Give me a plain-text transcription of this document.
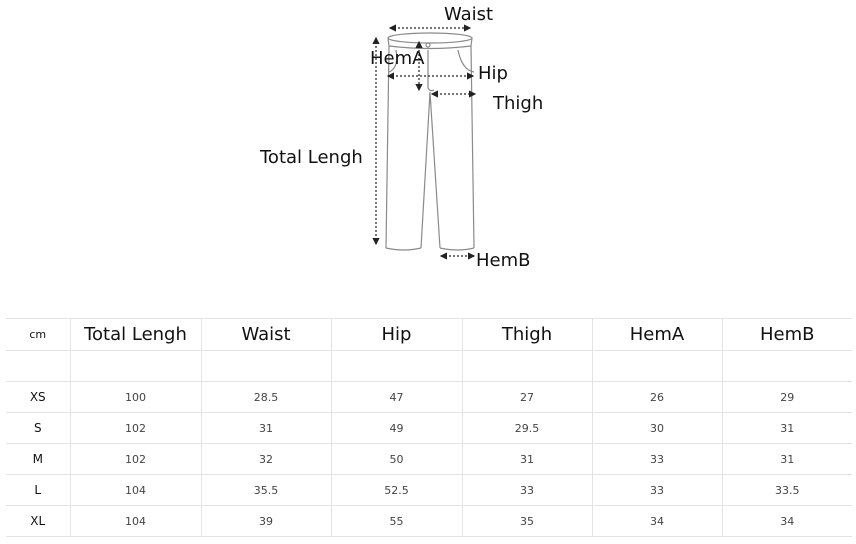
Waist
HemA
Hip
Thigh
Total Lengh
HemB
cm	Total Lengh	Waist	Hip	Thigh	HemA	HemB

XS	100	28.5	47	27	26	29
S	102	31	49	29.5	30	31
M	102	32	50	31	33	31
L	104	35.5	52.5	33	33	33.5
XL	104	39	55	35	34	34
